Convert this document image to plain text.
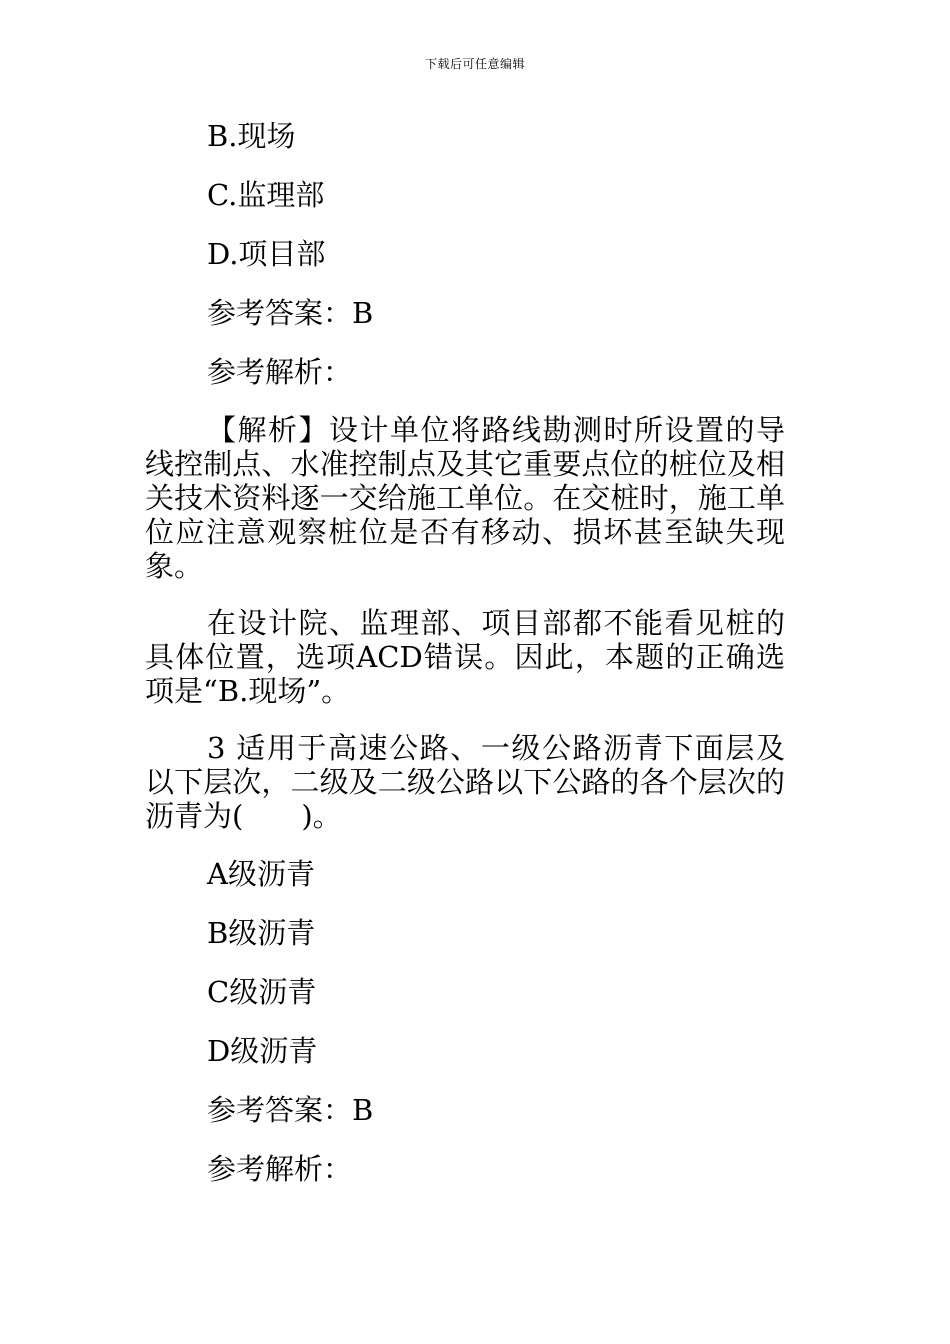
下载后可任意编辑
B.现场
C.监理部
D.项目部
参考答案：B
参考解析：

【解析】设计单位将路线勘测时所设置的导线控制点、水准控制点及其它重要点位的桩位及相关技术资料逐一交给施工单位。在交桩时，施工单位应注意观察桩位是否有移动、损坏甚至缺失现象。

在设计院、监理部、项目部都不能看见桩的具体位置，选项ACD错误。因此，本题的正确选项是“B.现场”。

3 适用于高速公路、一级公路沥青下面层及以下层次，二级及二级公路以下公路的各个层次的沥青为(　　)。

A级沥青
B级沥青
C级沥青
D级沥青
参考答案：B
参考解析：
